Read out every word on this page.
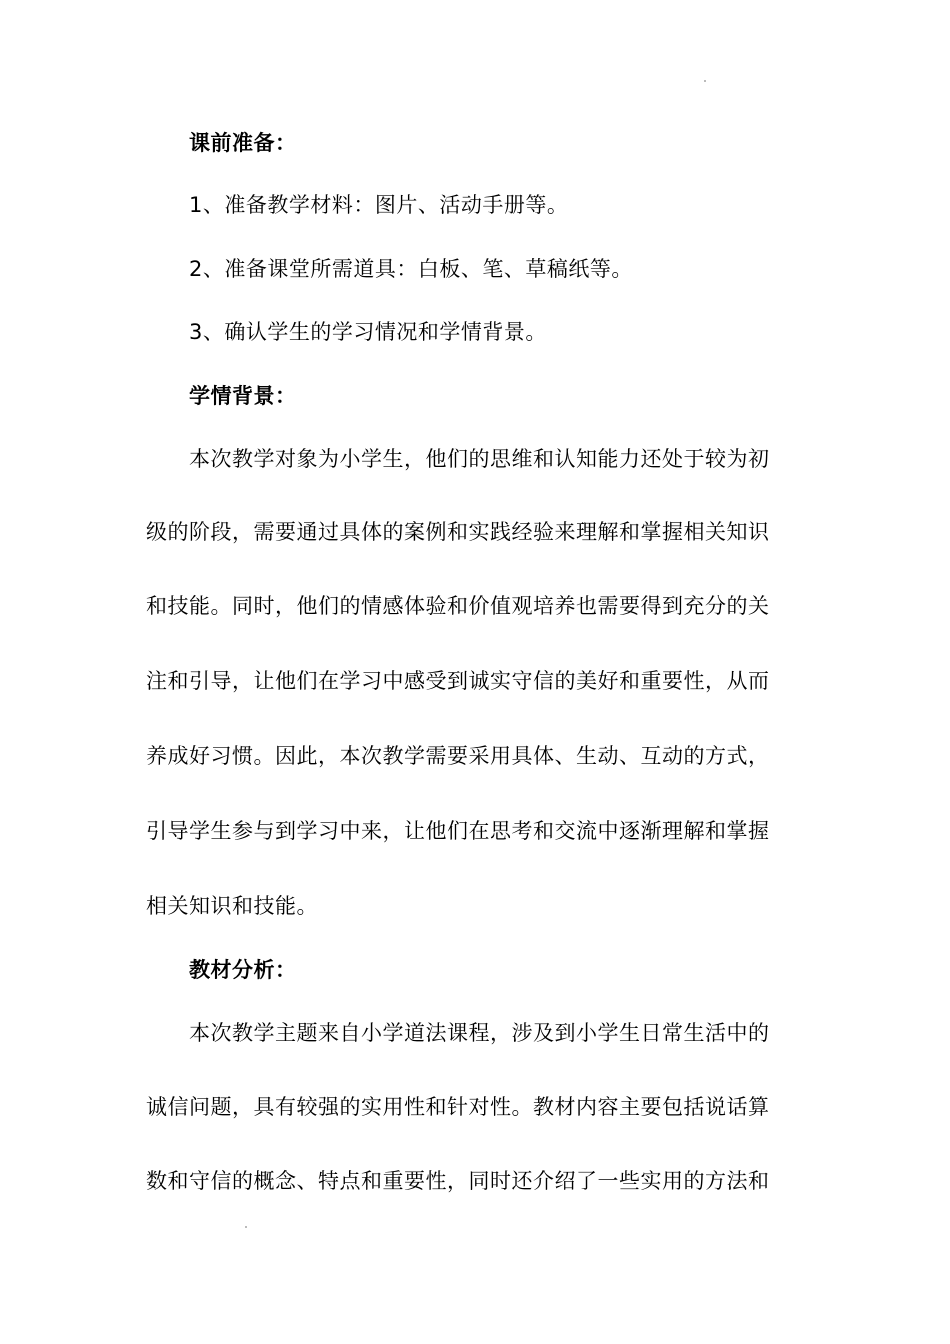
课前准备：
1、准备教学材料：图片、活动手册等。
2、准备课堂所需道具：白板、笔、草稿纸等。
3、确认学生的学习情况和学情背景。
学情背景：
本次教学对象为小学生，他们的思维和认知能力还处于较为初
级的阶段，需要通过具体的案例和实践经验来理解和掌握相关知识
和技能。同时，他们的情感体验和价值观培养也需要得到充分的关
注和引导，让他们在学习中感受到诚实守信的美好和重要性，从而
养成好习惯。因此，本次教学需要采用具体、生动、互动的方式，
引导学生参与到学习中来，让他们在思考和交流中逐渐理解和掌握
相关知识和技能。
教材分析：
本次教学主题来自小学道法课程，涉及到小学生日常生活中的
诚信问题，具有较强的实用性和针对性。教材内容主要包括说话算
数和守信的概念、特点和重要性，同时还介绍了一些实用的方法和
